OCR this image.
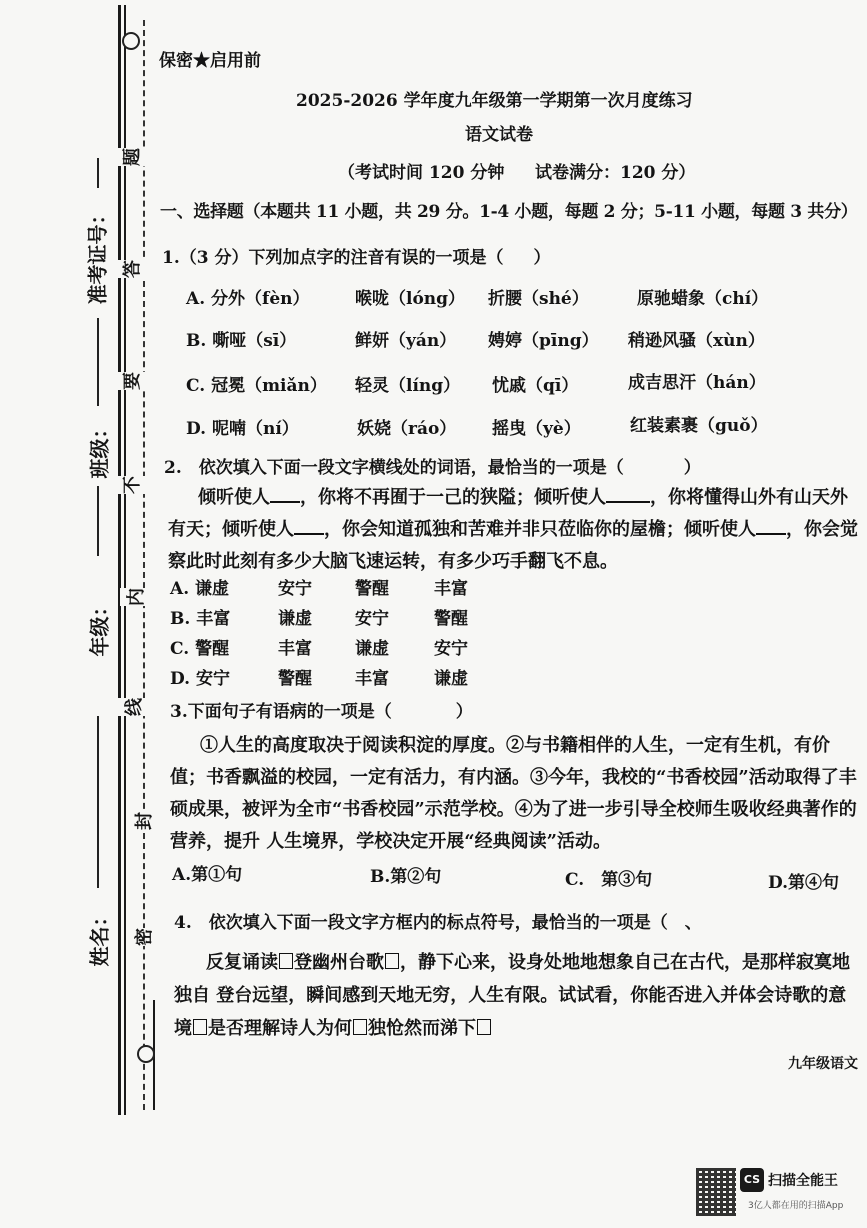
题
答
要
不
内
线
封
密
准考证号：
班级：
年级：
姓名：
保密★启用前
2025-2026 学年度九年级第一学期第一次月度练习
语文试卷
（考试时间 120 分钟 试卷满分：120 分）
一、选择题（本题共 11 小题，共 29 分。1-4 小题，每题 2 分；5-11 小题，每题 3 共分）
1.（3 分）下列加点字的注音有误的一项是（ ）
A. 分外（fèn）	喉咙（lóng） 折腰（shé）	原驰蜡象（chí）
B. 嘶哑（sī）	鲜妍（yán） 娉婷（pīng） 稍逊风骚（xùn）
C. 冠冕（miǎn） 轻灵（líng） 忧戚（qī）	成吉思汗（hán）
D. 呢喃（ní）	妖娆（ráo） 摇曳（yè）	红装素裹（guǒ）
2.　依次填入下面一段文字横线处的词语，最恰当的一项是（	）
倾听使人 ，你将不再囿于一己的狭隘；倾听使人 ，你将懂得山外有山天外有天；倾听使人 ，你会知道孤独和苦难并非只莅临你的屋檐；倾听使人 ，你会觉察此时此刻有多少大脑飞速运转，有多少巧手翻飞不息。
A. 谦虚	安宁	警醒	丰富
B. 丰富	谦虚	安宁	警醒
C. 警醒	丰富	谦虚	安宁
D. 安宁	警醒	丰富	谦虚
3.下面句子有语病的一项是（	）
①人生的高度取决于阅读积淀的厚度。②与书籍相伴的人生，一定有生机，有价值；书香飘溢的校园，一定有活力，有内涵。③今年，我校的“书香校园”活动取得了丰硕成果，被评为全市“书香校园”示范学校。④为了进一步引导全校师生吸收经典著作的营养，提升 人生境界，学校决定开展“经典阅读”活动。
A.第①句	B.第②句	C.　第③句	D.第④句
4.　依次填入下面一段文字方框内的标点符号，最恰当的一项是（　、
反复诵读 登幽州台歌 ，静下心来，设身处地地想象自己在古代，是那样寂寞地独自 登台远望，瞬间感到天地无穷，人生有限。试试看，你能否进入并体会诗歌的意境 是否理解诗人为何 独怆然而涕下
九年级语文
CS 扫描全能王
3亿人都在用的扫描App
